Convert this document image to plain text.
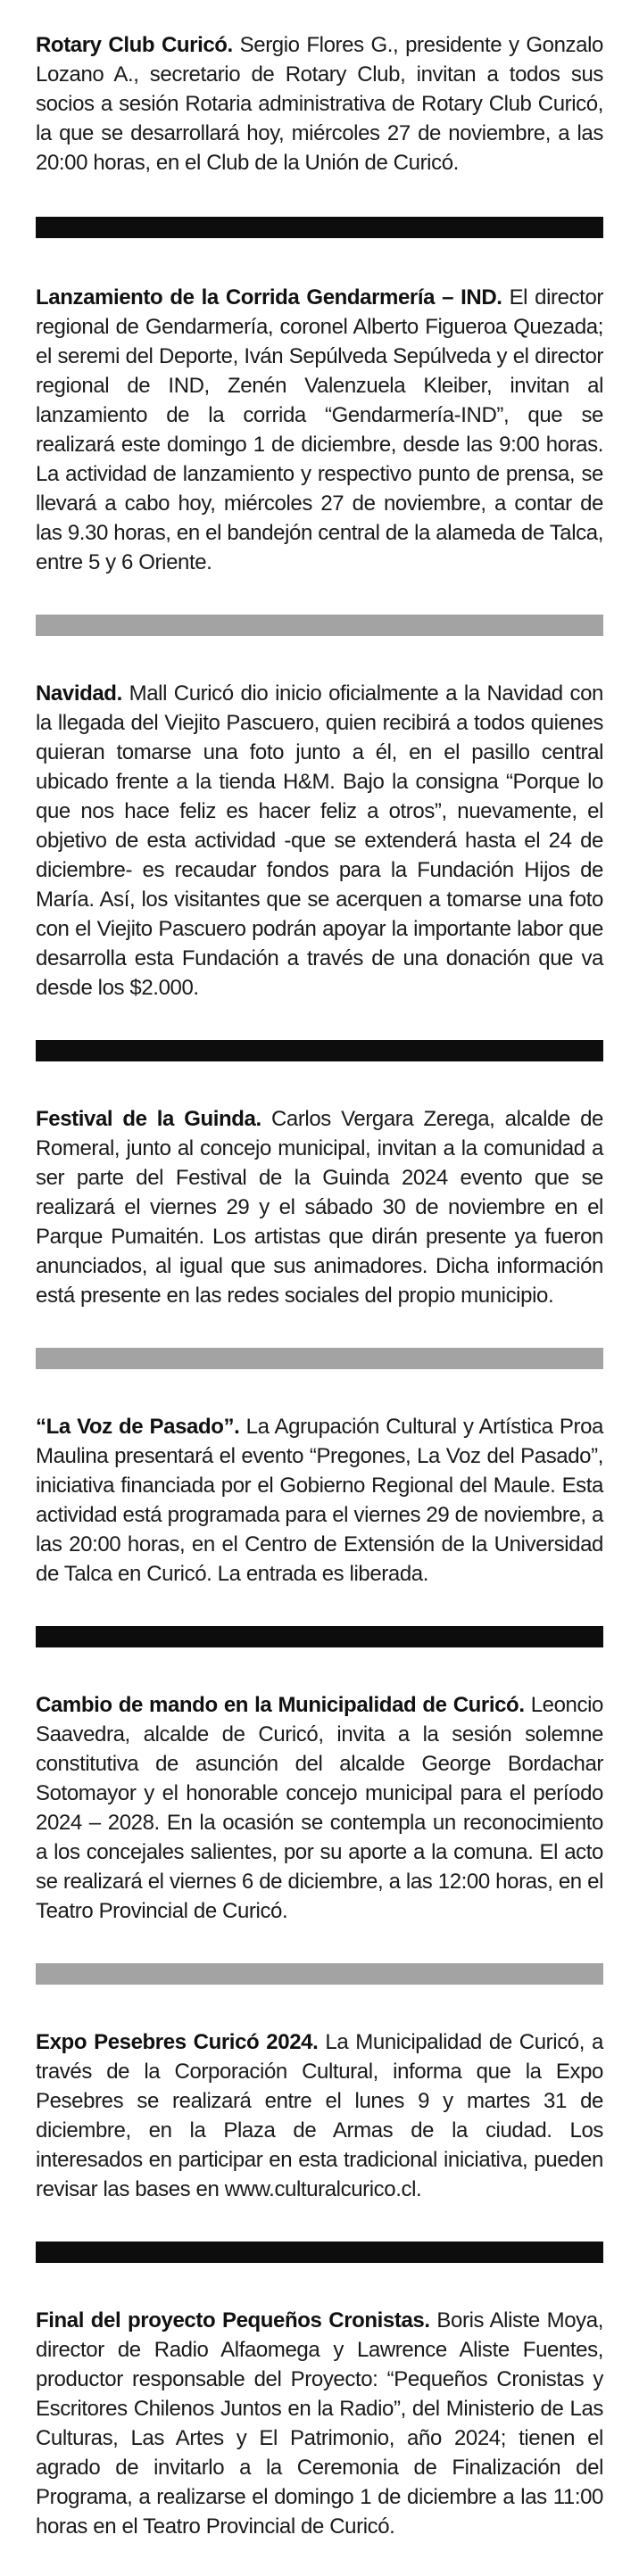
Rotary Club Curicó. Sergio Flores G., presidente y Gonzalo Lozano A., secretario de Rotary Club, invitan a todos sus socios a sesión Rotaria administrativa de Rotary Club Curicó, la que se desarrollará hoy, miércoles 27 de noviembre, a las 20:00 horas, en el Club de la Unión de Curicó.

Lanzamiento de la Corrida Gendarmería – IND. El director regional de Gendarmería, coronel Alberto Figueroa Quezada; el seremi del Deporte, Iván Sepúlveda Sepúlveda y el director regional de IND, Zenén Valenzuela Kleiber, invitan al lanzamiento de la corrida “Gendarmería-IND”, que se realizará este domingo 1 de diciembre, desde las 9:00 horas. La actividad de lanzamiento y respectivo punto de prensa, se llevará a cabo hoy, miércoles 27 de noviembre, a contar de las 9.30 horas, en el bandejón central de la alameda de Talca, entre 5 y 6 Oriente.

Navidad. Mall Curicó dio inicio oficialmente a la Navidad con la llegada del Viejito Pascuero, quien recibirá a todos quienes quieran tomarse una foto junto a él, en el pasillo central ubicado frente a la tienda H&M. Bajo la consigna “Porque lo que nos hace feliz es hacer feliz a otros”, nuevamente, el objetivo de esta actividad -que se extenderá hasta el 24 de diciembre- es recaudar fondos para la Fundación Hijos de María. Así, los visitantes que se acerquen a tomarse una foto con el Viejito Pascuero podrán apoyar la importante labor que desarrolla esta Fundación a través de una donación que va desde los $2.000.

Festival de la Guinda. Carlos Vergara Zerega, alcalde de Romeral, junto al concejo municipal, invitan a la comunidad a ser parte del Festival de la Guinda 2024 evento que se realizará el viernes 29 y el sábado 30 de noviembre en el Parque Pumaitén. Los artistas que dirán presente ya fueron anunciados, al igual que sus animadores. Dicha información está presente en las redes sociales del propio municipio.

“La Voz de Pasado”. La Agrupación Cultural y Artística Proa Maulina presentará el evento “Pregones, La Voz del Pasado”, iniciativa financiada por el Gobierno Regional del Maule. Esta actividad está programada para el viernes 29 de noviembre, a las 20:00 horas, en el Centro de Extensión de la Universidad de Talca en Curicó. La entrada es liberada.

Cambio de mando en la Municipalidad de Curicó. Leoncio Saavedra, alcalde de Curicó, invita a la sesión solemne constitutiva de asunción del alcalde George Bordachar Sotomayor y el honorable concejo municipal para el período 2024 – 2028. En la ocasión se contempla un reconocimiento a los concejales salientes, por su aporte a la comuna. El acto se realizará el viernes 6 de diciembre, a las 12:00 horas, en el Teatro Provincial de Curicó.

Expo Pesebres Curicó 2024. La Municipalidad de Curicó, a través de la Corporación Cultural, informa que la Expo Pesebres se realizará entre el lunes 9 y martes 31 de diciembre, en la Plaza de Armas de la ciudad. Los interesados en participar en esta tradicional iniciativa, pueden revisar las bases en www.culturalcurico.cl.

Final del proyecto Pequeños Cronistas. Boris Aliste Moya, director de Radio Alfaomega y Lawrence Aliste Fuentes, productor responsable del Proyecto: “Pequeños Cronistas y Escritores Chilenos Juntos en la Radio”, del Ministerio de Las Culturas, Las Artes y El Patrimonio, año 2024; tienen el agrado de invitarlo a la Ceremonia de Finalización del Programa, a realizarse el domingo 1 de diciembre a las 11:00 horas en el Teatro Provincial de Curicó.
